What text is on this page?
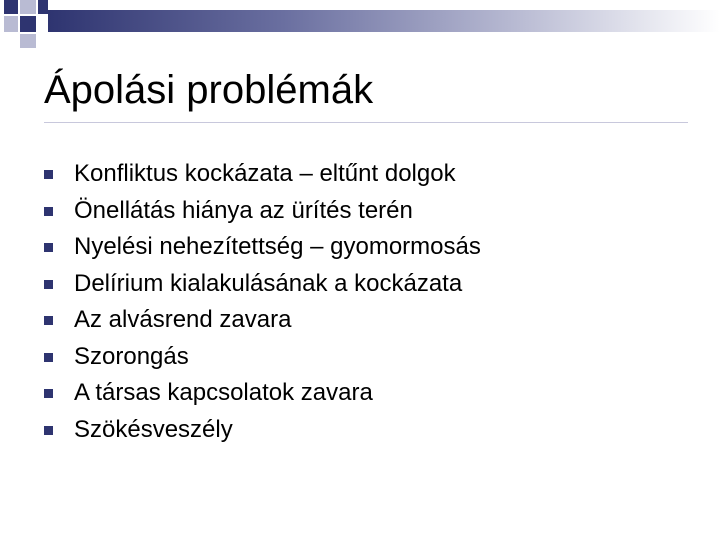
Ápolási problémák
Konfliktus kockázata – eltűnt dolgok
Önellátás hiánya az ürítés terén
Nyelési nehezítettség – gyomormosás
Delírium kialakulásának a kockázata
Az alvásrend zavara
Szorongás
A társas kapcsolatok zavara
Szökésveszély
